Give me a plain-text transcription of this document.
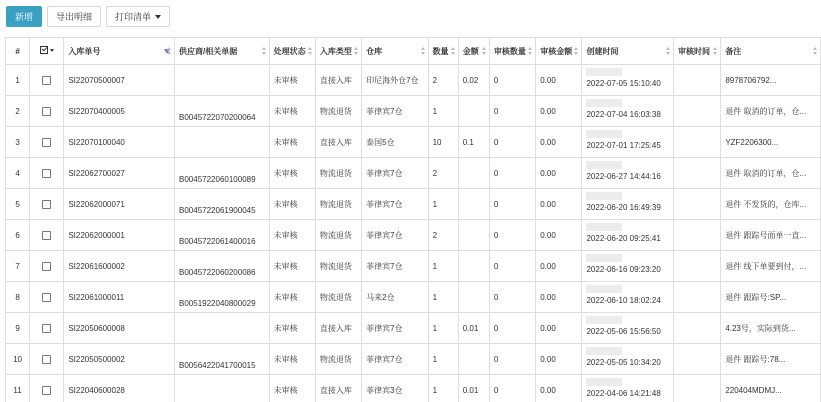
新增	导出明细	打印清单
#		入库单号	供应商/相关单据	处理状态	入库类型	仓库	数量	金额	审核数量	审核金额	创建时间	审核时间	备注
1		SI22070500007		未审核	直接入库	印尼海外仓7仓	2	0.02	0	0.00	2022-07-05 15:10:40		8978706792...
2		SI22070400005	B0045722070200064	未审核	物流退货	菲律宾7仓	1		0	0.00	2022-07-04 16:03:38		退件 取消的订单，仓...
3		SI22070100040		未审核	直接入库	泰国5仓	10	0.1	0	0.00	2022-07-01 17:25:45		YZF2206300...
4		SI22062700027	B0045722060100089	未审核	物流退货	菲律宾7仓	2		0	0.00	2022-06-27 14:44:16		退件 取消的订单，仓...
5		SI22062000071	B0045722061900045	未审核	物流退货	菲律宾7仓	1		0	0.00	2022-06-20 16:49:39		退件 不发货的，仓库...
6		SI22062000001	B0045722061400016	未审核	物流退货	菲律宾7仓	2		0	0.00	2022-06-20 09:25:41		退件 跟踪号面单一直...
7		SI22061600002	B0045722060200086	未审核	物流退货	菲律宾7仓	1		0	0.00	2022-06-16 09:23:20		退件 线下单要到付，...
8		SI22061000011	B0051922040800029	未审核	物流退货	马来2仓	1		0	0.00	2022-06-10 18:02:24		退件 跟踪号:SP...
9		SI22050600008		未审核	直接入库	菲律宾7仓	1	0.01	0	0.00	2022-05-06 15:56:50		4.23号，实际到货...
10		SI22050500002	B0056422041700015	未审核	物流退货	菲律宾7仓	1		0	0.00	2022-05-05 10:34:20		退件 跟踪号:78...
11		SI22040600028		未审核	直接入库	菲律宾3仓	1	0.01	0	0.00	2022-04-06 14:21:48		220404MDMJ...
